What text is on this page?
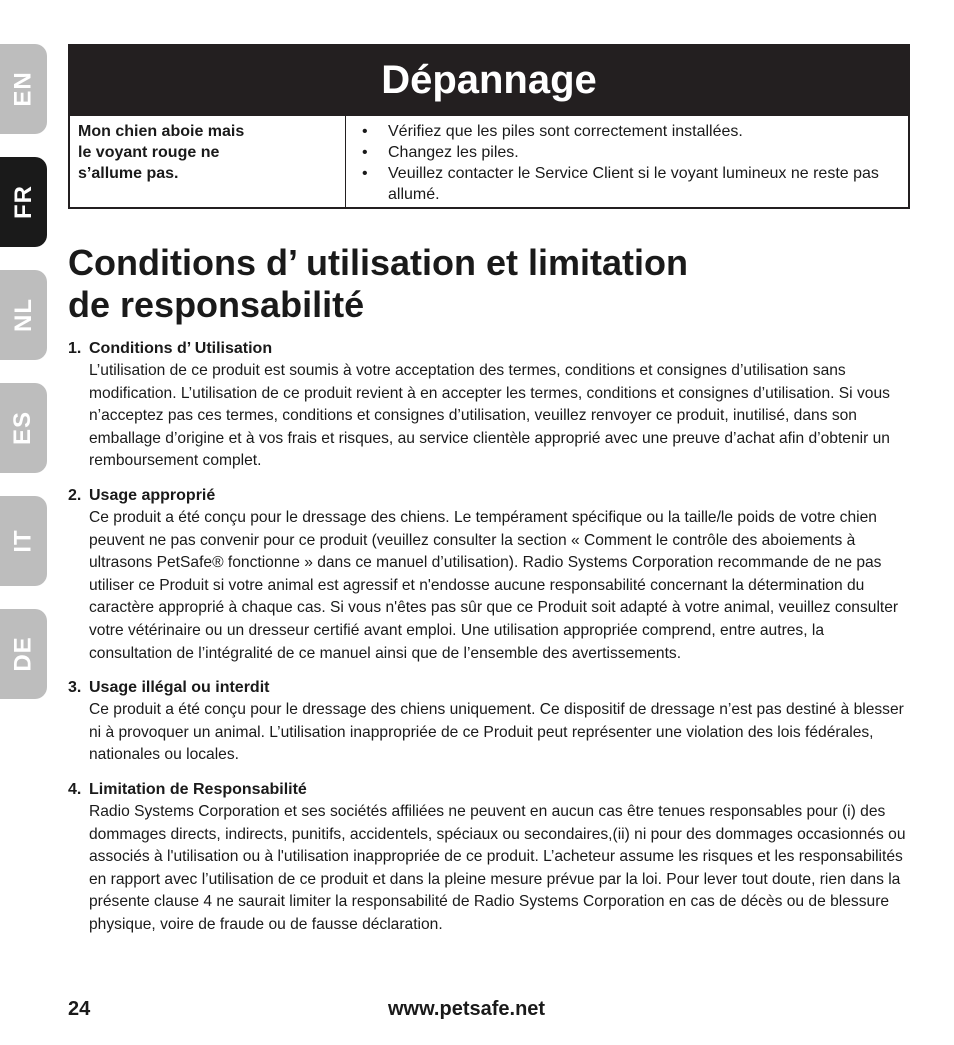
EN
FR
NL
ES
IT
DE
Dépannage
Mon chien aboie mais
le voyant rouge ne
s’allume pas.
• Vérifiez que les piles sont correctement installées.
• Changez les piles.
• Veuillez contacter le Service Client si le voyant lumineux ne reste pas allumé.
Conditions d’ utilisation et limitation
de responsabilité
1. Conditions d’ Utilisation
L’utilisation de ce produit est soumis à votre acceptation des termes, conditions et consignes d’utilisation sans modification. L’utilisation de ce produit revient à en accepter les termes, conditions et consignes d’utilisation. Si vous n’acceptez pas ces termes, conditions et consignes d’utilisation, veuillez renvoyer ce produit, inutilisé, dans son emballage d’origine et à vos frais et risques, au service clientèle approprié avec une preuve d’achat afin d’obtenir un remboursement complet.
2. Usage approprié
Ce produit a été conçu pour le dressage des chiens. Le tempérament spécifique ou la taille/le poids de votre chien peuvent ne pas convenir pour ce produit (veuillez consulter la section « Comment le contrôle des aboiements à ultrasons PetSafe® fonctionne » dans ce manuel d’utilisation). Radio Systems Corporation recommande de ne pas utiliser ce Produit si votre animal est agressif et n'endosse aucune responsabilité concernant la détermination du caractère approprié à chaque cas. Si vous n'êtes pas sûr que ce Produit soit adapté à votre animal, veuillez consulter votre vétérinaire ou un dresseur certifié avant emploi. Une utilisation appropriée comprend, entre autres, la consultation de l’intégralité de ce manuel ainsi que de l’ensemble des avertissements.
3. Usage illégal ou interdit
Ce produit a été conçu pour le dressage des chiens uniquement. Ce dispositif de dressage n’est pas destiné à blesser ni à provoquer un animal. L’utilisation inappropriée de ce Produit peut représenter une violation des lois fédérales, nationales ou locales.
4. Limitation de Responsabilité
Radio Systems Corporation et ses sociétés affiliées ne peuvent en aucun cas être tenues responsables pour (i) des dommages directs, indirects, punitifs, accidentels, spéciaux ou secondaires,(ii) ni pour des dommages occasionnés ou associés à l'utilisation ou à l'utilisation inappropriée de ce produit. L’acheteur assume les risques et les responsabilités en rapport avec l’utilisation de ce produit et dans la pleine mesure prévue par la loi. Pour lever tout doute, rien dans la présente clause 4 ne saurait limiter la responsabilité de Radio Systems Corporation en cas de décès ou de blessure physique, voire de fraude ou de fausse déclaration.
24	www.petsafe.net
